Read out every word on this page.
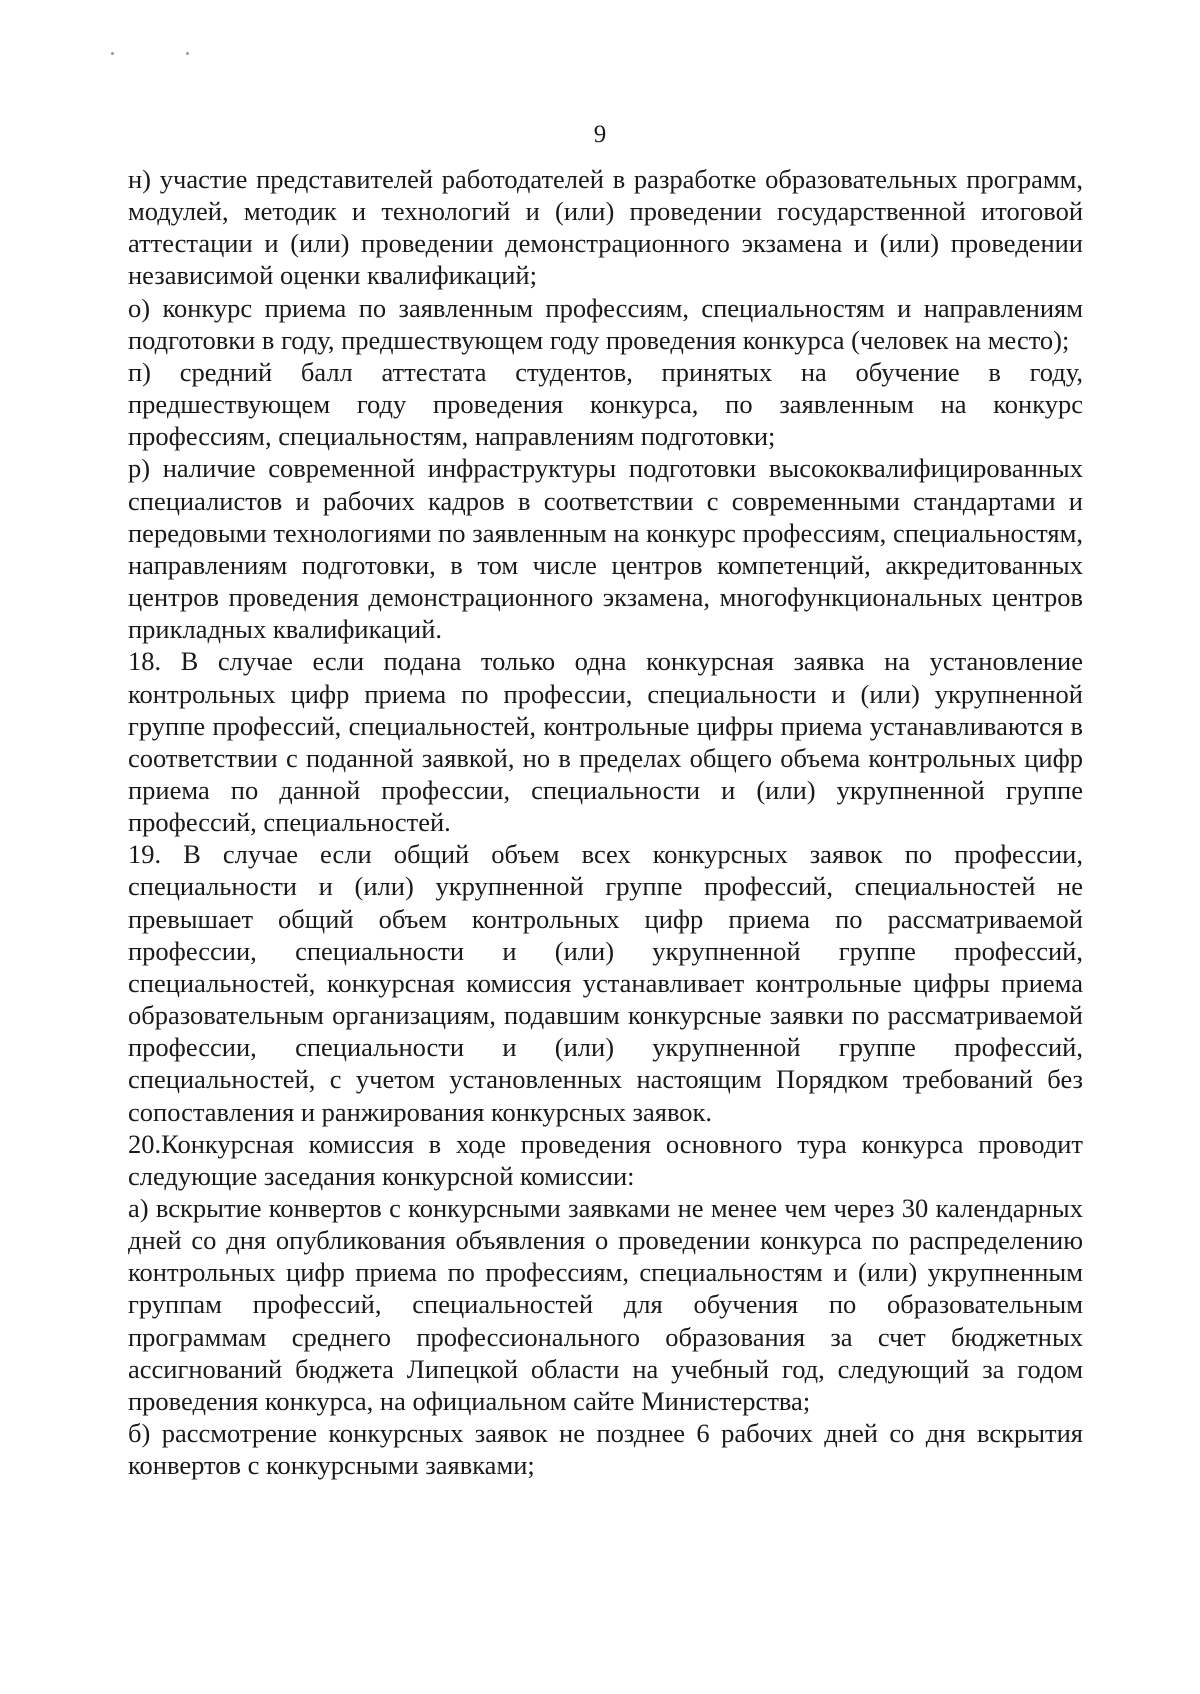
9

н) участие представителей работодателей в разработке образовательных программ, модулей, методик и технологий и (или) проведении государственной итоговой аттестации и (или) проведении демонстрационного экзамена и (или) проведении независимой оценки квалификаций;

о) конкурс приема по заявленным профессиям, специальностям и направлениям подготовки в году, предшествующем году проведения конкурса (человек на место);

п) средний балл аттестата студентов, принятых на обучение в году, предшествующем году проведения конкурса, по заявленным на конкурс профессиям, специальностям, направлениям подготовки;

р) наличие современной инфраструктуры подготовки высококвалифицированных специалистов и рабочих кадров в соответствии с современными стандартами и передовыми технологиями по заявленным на конкурс профессиям, специальностям, направлениям подготовки, в том числе центров компетенций, аккредитованных центров проведения демонстрационного экзамена, многофункциональных центров прикладных квалификаций.

18. В случае если подана только одна конкурсная заявка на установление контрольных цифр приема по профессии, специальности и (или) укрупненной группе профессий, специальностей, контрольные цифры приема устанавливаются в соответствии с поданной заявкой, но в пределах общего объема контрольных цифр приема по данной профессии, специальности и (или) укрупненной группе профессий, специальностей.

19. В случае если общий объем всех конкурсных заявок по профессии, специальности и (или) укрупненной группе профессий, специальностей не превышает общий объем контрольных цифр приема по рассматриваемой профессии, специальности и (или) укрупненной группе профессий, специальностей, конкурсная комиссия устанавливает контрольные цифры приема образовательным организациям, подавшим конкурсные заявки по рассматриваемой профессии, специальности и (или) укрупненной группе профессий, специальностей, с учетом установленных настоящим Порядком требований без сопоставления и ранжирования конкурсных заявок.

20.Конкурсная комиссия в ходе проведения основного тура конкурса проводит следующие заседания конкурсной комиссии:

а) вскрытие конвертов с конкурсными заявками не менее чем через 30 календарных дней со дня опубликования объявления о проведении конкурса по распределению контрольных цифр приема по профессиям, специальностям и (или) укрупненным группам профессий, специальностей для обучения по образовательным программам среднего профессионального образования за счет бюджетных ассигнований бюджета Липецкой области на учебный год, следующий за годом проведения конкурса, на официальном сайте Министерства;

б) рассмотрение конкурсных заявок не позднее 6 рабочих дней со дня вскрытия конвертов с конкурсными заявками;
